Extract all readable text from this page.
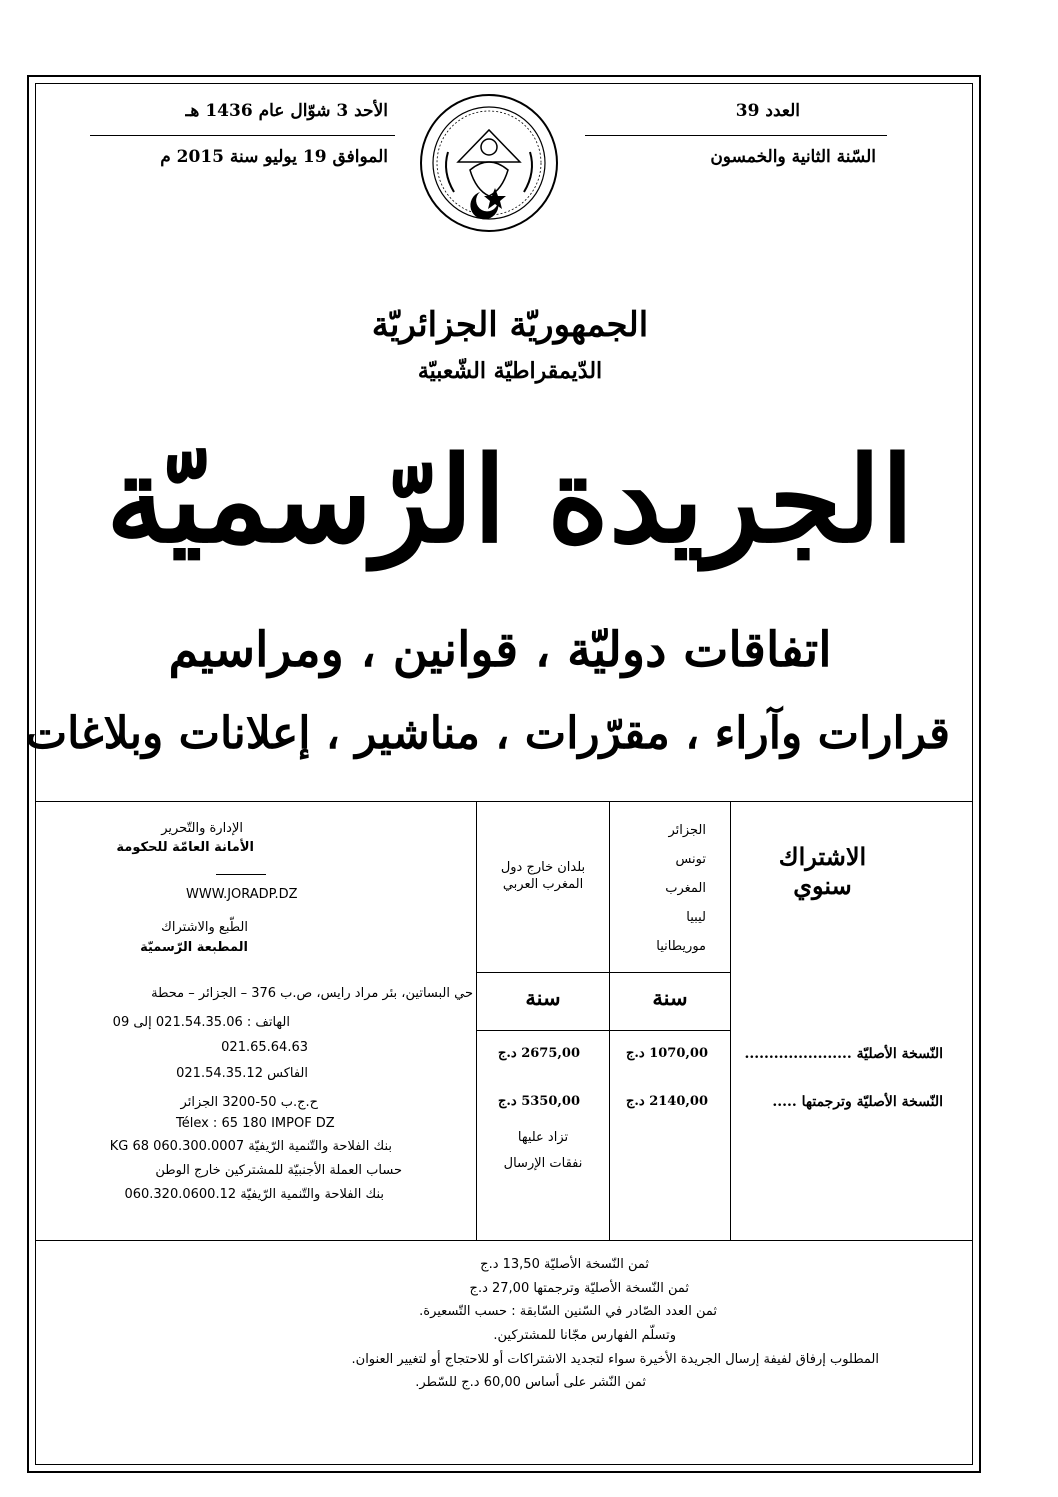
العدد 39
السّنة الثانية والخمسون
الأحد 3 شوّال عام 1436 هـ
الموافق 19 يوليو سنة 2015 م
الجمهوريّة الجزائريّة
الدّيمقراطيّة الشّعبيّة
الجريدة الرّسميّة
اتفاقات دوليّة ، قوانين ، ومراسيم
قرارات وآراء ، مقرّرات ، مناشير ، إعلانات وبلاغات
الاشتراك
سنوي
الجزائر
تونس
المغرب
ليبيا
موريطانيا
بلدان خارج دول
المغرب العربي
سنة
سنة
النّسخة الأصليّة ......................
النّسخة الأصليّة وترجمتها .....
1070,00 د.ج
2140,00 د.ج
2675,00 د.ج
5350,00 د.ج
تزاد عليها
نفقات الإرسال
الإدارة والتّحرير
الأمانة العامّة للحكومة
WWW.JORADP.DZ
الطّبع والاشتراك
المطبعة الرّسميّة
حي البساتين، بئر مراد رايس، ص.ب 376 – الجزائر – محطة
الهاتف : 021.54.35.06 إلى 09
021.65.64.63
الفاكس 021.54.35.12
ح.ج.ب 50-3200 الجزائر
Télex : 65 180 IMPOF DZ
بنك الفلاحة والتّنمية الرّيفيّة 060.300.0007 68 KG
حساب العملة الأجنبيّة للمشتركين خارج الوطن
بنك الفلاحة والتّنمية الرّيفيّة 060.320.0600.12
ثمن النّسخة الأصليّة 13,50 د.ج
ثمن النّسخة الأصليّة وترجمتها 27,00 د.ج
ثمن العدد الصّادر في السّنين السّابقة : حسب التّسعيرة.
وتسلّم الفهارس مجّانا للمشتركين.
المطلوب إرفاق لفيفة إرسال الجريدة الأخيرة سواء لتجديد الاشتراكات أو للاحتجاج أو لتغيير العنوان.
ثمن النّشر على أساس 60,00 د.ج للسّطر.
